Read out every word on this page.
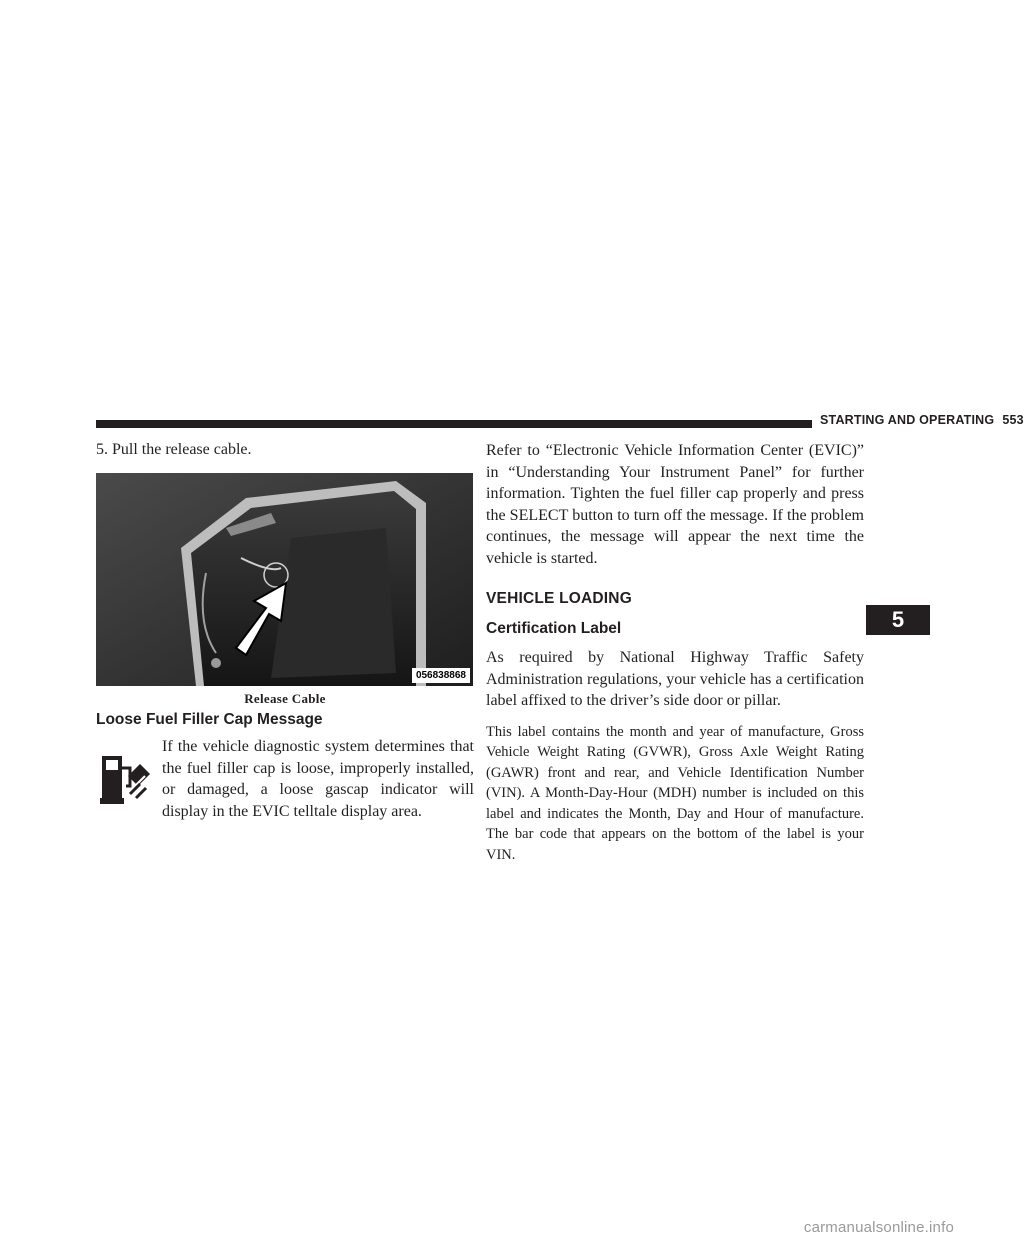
STARTING AND OPERATING 553

5. Pull the release cable.

056838868
Release Cable
Loose Fuel Filler Cap Message
If the vehicle diagnostic system determines that the fuel filler cap is loose, improperly installed, or damaged, a loose gascap indicator will display in the EVIC telltale display area.

Refer to “Electronic Vehicle Information Center (EVIC)” in “Understanding Your Instrument Panel” for further information. Tighten the fuel filler cap properly and press the SELECT button to turn off the message. If the problem continues, the message will appear the next time the vehicle is started.

VEHICLE LOADING
Certification Label

As required by National Highway Traffic Safety Administration regulations, your vehicle has a certification label affixed to the driver’s side door or pillar.

This label contains the month and year of manufacture, Gross Vehicle Weight Rating (GVWR), Gross Axle Weight Rating (GAWR) front and rear, and Vehicle Identification Number (VIN). A Month-Day-Hour (MDH) number is included on this label and indicates the Month, Day and Hour of manufacture. The bar code that appears on the bottom of the label is your VIN.

5
carmanualsonline.info
